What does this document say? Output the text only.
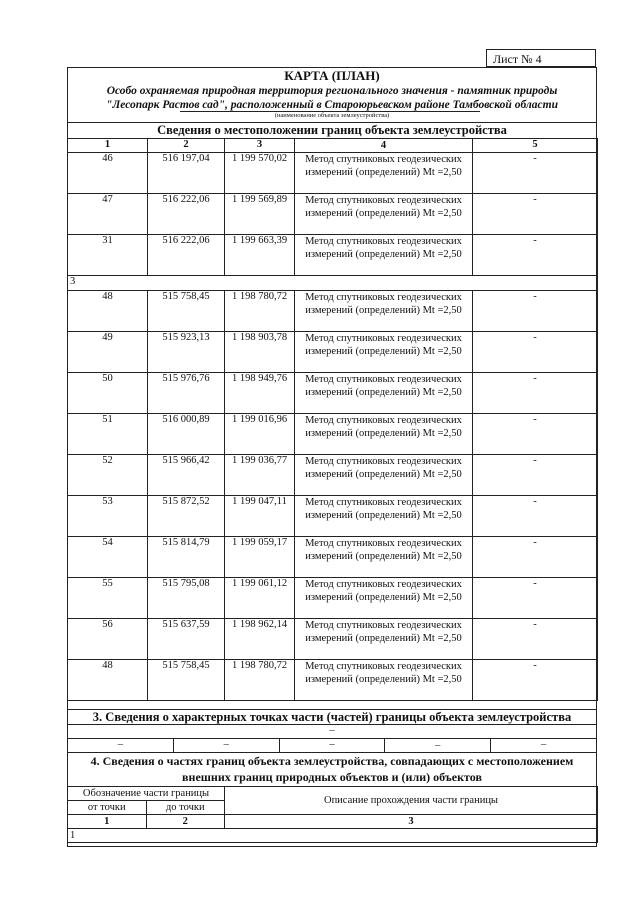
Лист № 4
КАРТА (ПЛАН)
Особо охраняемая природная территория регионального значения - памятник природы "Лесопарк Растов сад", расположенный в Староюрьевском районе Тамбовской области
(наименование объекта землеустройства)
Сведения о местоположении границ объекта землеустройства
1	2	3	4	5
46	516 197,04	1 199 570,02	Метод спутниковых геодезических измерений (определений) Mt =2,50	-
47	516 222,06	1 199 569,89	Метод спутниковых геодезических измерений (определений) Mt =2,50	-
31	516 222,06	1 199 663,39	Метод спутниковых геодезических измерений (определений) Mt =2,50	-
3				
48	515 758,45	1 198 780,72	Метод спутниковых геодезических измерений (определений) Mt =2,50	-
49	515 923,13	1 198 903,78	Метод спутниковых геодезических измерений (определений) Mt =2,50	-
50	515 976,76	1 198 949,76	Метод спутниковых геодезических измерений (определений) Mt =2,50	-
51	516 000,89	1 199 016,96	Метод спутниковых геодезических измерений (определений) Mt =2,50	-
52	515 966,42	1 199 036,77	Метод спутниковых геодезических измерений (определений) Mt =2,50	-
53	515 872,52	1 199 047,11	Метод спутниковых геодезических измерений (определений) Mt =2,50	-
54	515 814,79	1 199 059,17	Метод спутниковых геодезических измерений (определений) Mt =2,50	-
55	515 795,08	1 199 061,12	Метод спутниковых геодезических измерений (определений) Mt =2,50	-
56	515 637,59	1 198 962,14	Метод спутниковых геодезических измерений (определений) Mt =2,50	-
48	515 758,45	1 198 780,72	Метод спутниковых геодезических измерений (определений) Mt =2,50	-
3. Сведения о характерных точках части (частей) границы объекта землеустройства
–
–	–	–	–	–
4. Сведения о частях границ объекта землеустройства, совпадающих с местоположением внешних границ природных объектов и (или) объектов
Обозначение части границы		Описание прохождения части границы
от точки	до точки	
1	2	3
1		
